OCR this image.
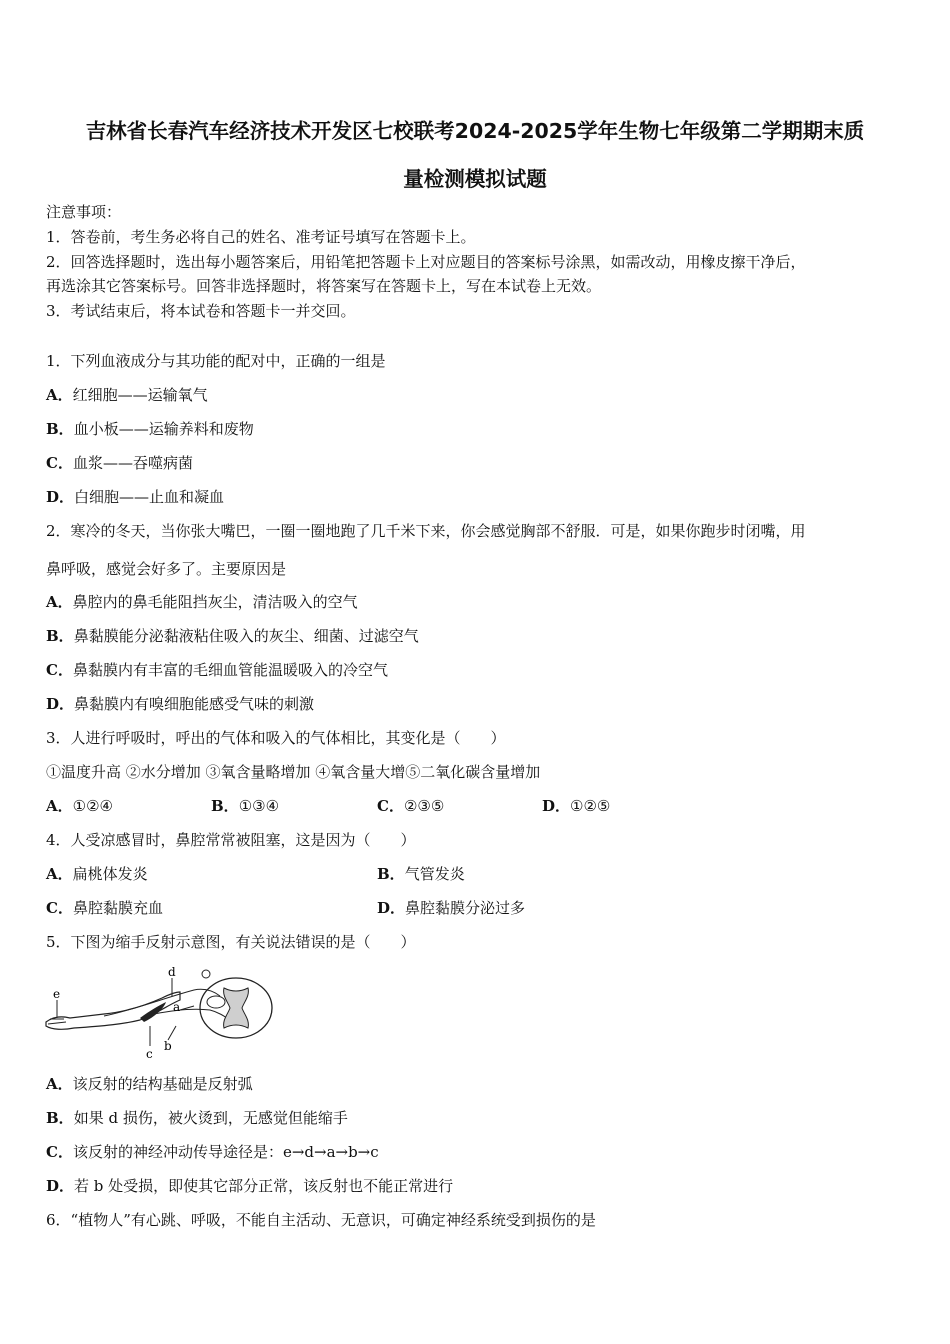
吉林省长春汽车经济技术开发区七校联考2024-2025学年生物七年级第二学期期末质
量检测模拟试题
注意事项：
1．答卷前，考生务必将自己的姓名、准考证号填写在答题卡上。
2．回答选择题时，选出每小题答案后，用铅笔把答题卡上对应题目的答案标号涂黑，如需改动，用橡皮擦干净后，
再选涂其它答案标号。回答非选择题时，将答案写在答题卡上，写在本试卷上无效。
3．考试结束后，将本试卷和答题卡一并交回。
1．下列血液成分与其功能的配对中，正确的一组是
A．红细胞——运输氧气
B．血小板——运输养料和废物
C．血浆——吞噬病菌
D．白细胞——止血和凝血
2．寒冷的冬天，当你张大嘴巴，一圈一圈地跑了几千米下来，你会感觉胸部不舒服．可是，如果你跑步时闭嘴，用
鼻呼吸，感觉会好多了。主要原因是
A．鼻腔内的鼻毛能阻挡灰尘，清洁吸入的空气
B．鼻黏膜能分泌黏液粘住吸入的灰尘、细菌、过滤空气
C．鼻黏膜内有丰富的毛细血管能温暖吸入的冷空气
D．鼻黏膜内有嗅细胞能感受气味的刺激
3．人进行呼吸时，呼出的气体和吸入的气体相比，其变化是（　　）
①温度升高 ②水分增加 ③氧含量略增加 ④氧含量大增⑤二氧化碳含量增加
A．①②④	B．①③④	C．②③⑤	D．①②⑤
4．人受凉感冒时，鼻腔常常被阻塞，这是因为（　　）
A．扁桃体发炎	B．气管发炎
C．鼻腔黏膜充血	D．鼻腔黏膜分泌过多
5．下图为缩手反射示意图，有关说法错误的是（　　）
d
e
a
b
c
A．该反射的结构基础是反射弧
B．如果 d 损伤，被火烫到，无感觉但能缩手
C．该反射的神经冲动传导途径是：e→d→a→b→c
D．若 b 处受损，即使其它部分正常，该反射也不能正常进行
6．“植物人”有心跳、呼吸，不能自主活动、无意识，可确定神经系统受到损伤的是
